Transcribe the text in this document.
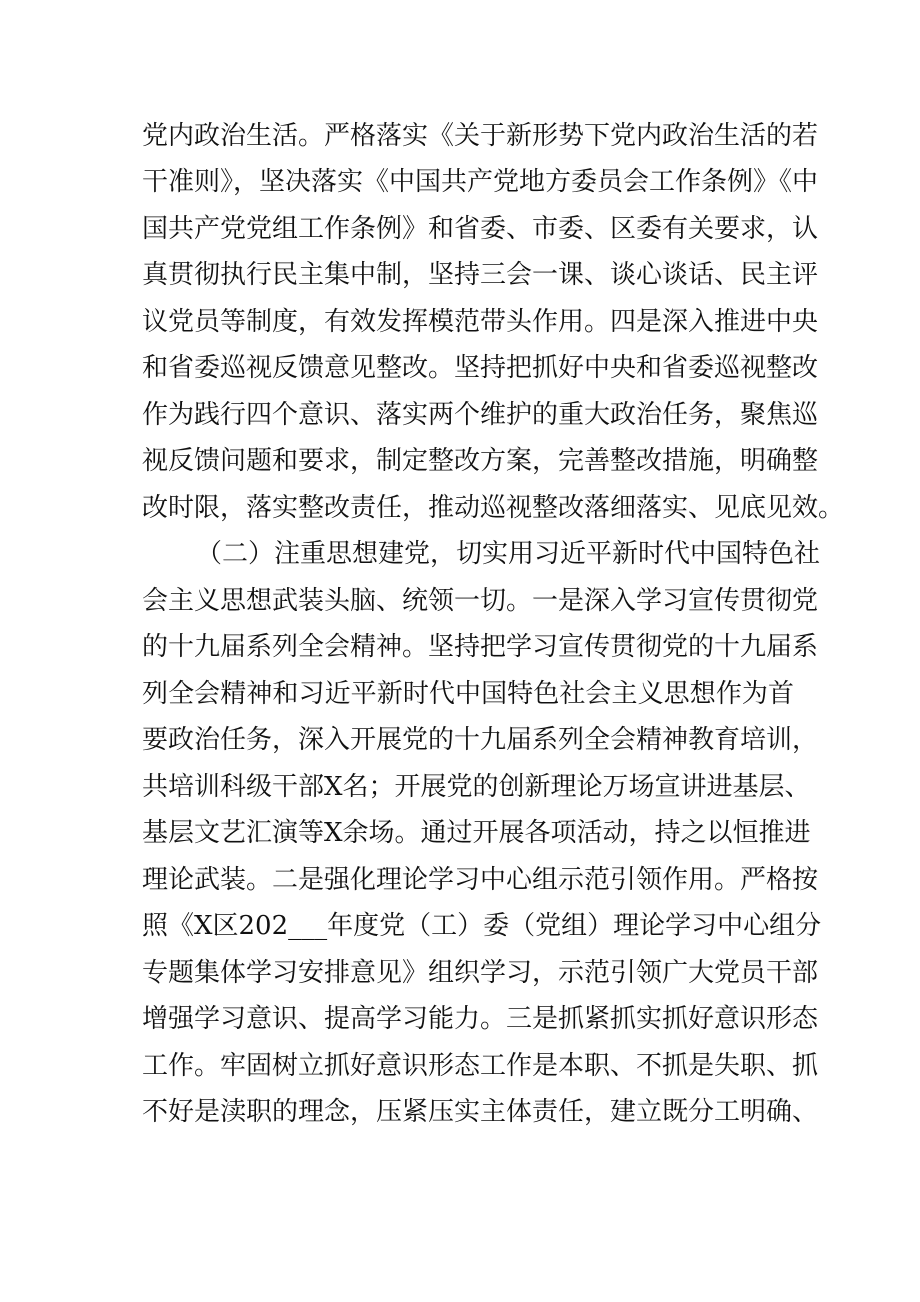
党内政治生活。严格落实《关于新形势下党内政治生活的若
干准则》，坚决落实《中国共产党地方委员会工作条例》《中
国共产党党组工作条例》和省委、市委、区委有关要求，认
真贯彻执行民主集中制，坚持三会一课、谈心谈话、民主评
议党员等制度，有效发挥模范带头作用。四是深入推进中央
和省委巡视反馈意见整改。坚持把抓好中央和省委巡视整改
作为践行四个意识、落实两个维护的重大政治任务，聚焦巡
视反馈问题和要求，制定整改方案，完善整改措施，明确整
改时限，落实整改责任，推动巡视整改落细落实、见底见效。
（二）注重思想建党，切实用习近平新时代中国特色社
会主义思想武装头脑、统领一切。一是深入学习宣传贯彻党
的十九届系列全会精神。坚持把学习宣传贯彻党的十九届系
列全会精神和习近平新时代中国特色社会主义思想作为首
要政治任务，深入开展党的十九届系列全会精神教育培训，
共培训科级干部X名；开展党的创新理论万场宣讲进基层、
基层文艺汇演等X余场。通过开展各项活动，持之以恒推进
理论武装。二是强化理论学习中心组示范引领作用。严格按
照《X区202___年度党（工）委（党组）理论学习中心组分
专题集体学习安排意见》组织学习，示范引领广大党员干部
增强学习意识、提高学习能力。三是抓紧抓实抓好意识形态
工作。牢固树立抓好意识形态工作是本职、不抓是失职、抓
不好是渎职的理念，压紧压实主体责任，建立既分工明确、
